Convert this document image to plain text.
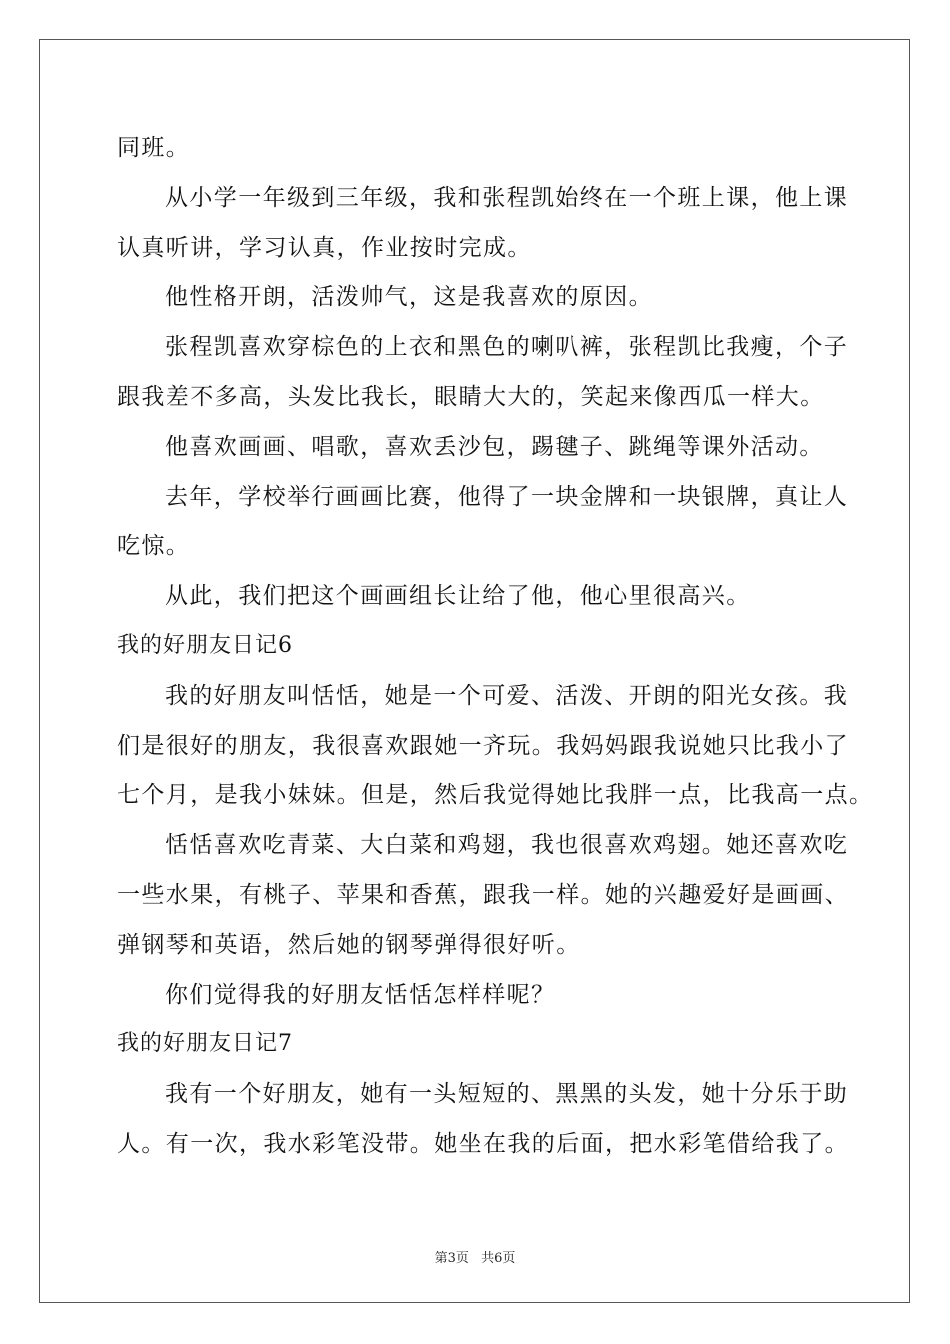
同班。
从小学一年级到三年级，我和张程凯始终在一个班上课，他上课
认真听讲，学习认真，作业按时完成。
他性格开朗，活泼帅气，这是我喜欢的原因。
张程凯喜欢穿棕色的上衣和黑色的喇叭裤，张程凯比我瘦，个子
跟我差不多高，头发比我长，眼睛大大的，笑起来像西瓜一样大。
他喜欢画画、唱歌，喜欢丢沙包，踢毽子、跳绳等课外活动。
去年，学校举行画画比赛，他得了一块金牌和一块银牌，真让人
吃惊。
从此，我们把这个画画组长让给了他，他心里很高兴。
我的好朋友日记6
我的好朋友叫恬恬，她是一个可爱、活泼、开朗的阳光女孩。我
们是很好的朋友，我很喜欢跟她一齐玩。我妈妈跟我说她只比我小了
七个月，是我小妹妹。但是，然后我觉得她比我胖一点，比我高一点。
恬恬喜欢吃青菜、大白菜和鸡翅，我也很喜欢鸡翅。她还喜欢吃
一些水果，有桃子、苹果和香蕉，跟我一样。她的兴趣爱好是画画、
弹钢琴和英语，然后她的钢琴弹得很好听。
你们觉得我的好朋友恬恬怎样样呢？
我的好朋友日记7
我有一个好朋友，她有一头短短的、黑黑的头发，她十分乐于助
人。有一次，我水彩笔没带。她坐在我的后面，把水彩笔借给我了。
第3页 共6页
